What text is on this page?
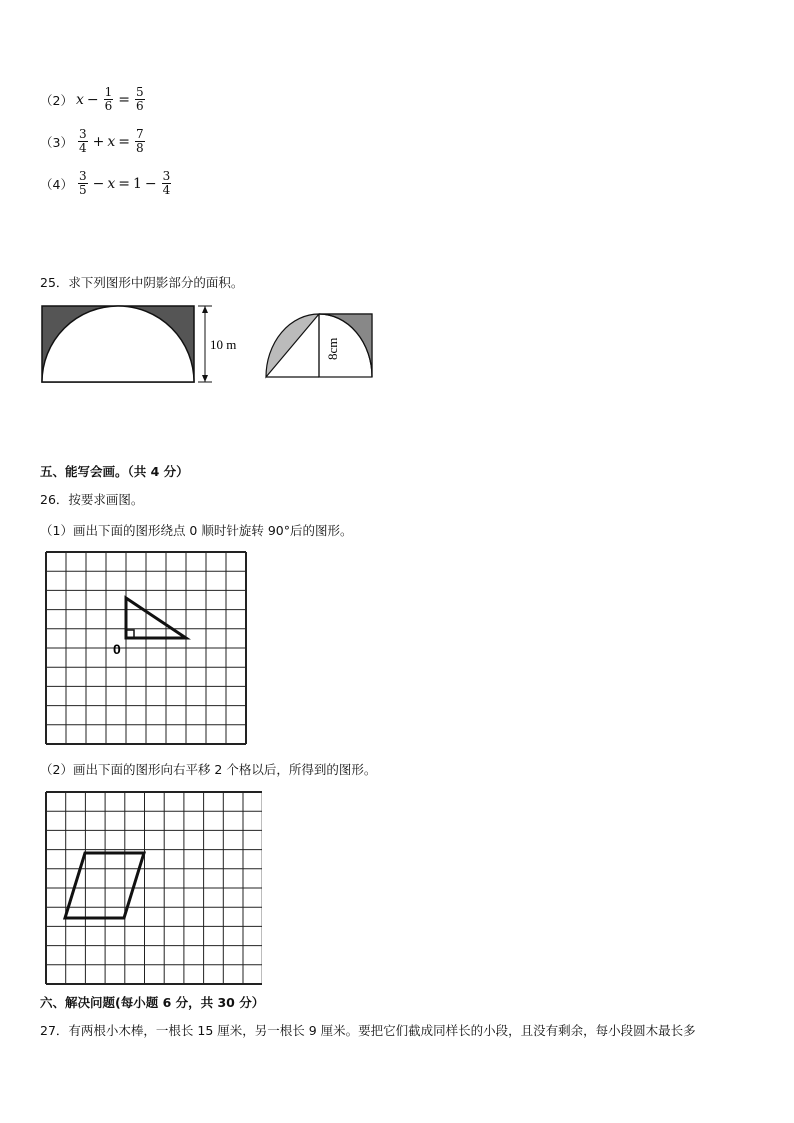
（2） $x - \frac{1}{6} = \frac{5}{6}$
$(3) \frac{3}{4} + x = \frac{7}{8}$
$(4) \frac{3}{5} - x = 1 - \frac{3}{4}$
25．求下列图形中阴影部分的面积。
10 m	8cm
五、能写会画。（共 4 分）
26．按要求画图。
（1）画出下面的图形绕点 0 顺时针旋转 90°后的图形。
0
（2）画出下面的图形向右平移 2 个格以后，所得到的图形。
六、解决问题(每小题 6 分，共 30 分）
27．有两根小木棒，一根长 15 厘米，另一根长 9 厘米。要把它们截成同样长的小段，且没有剩余，每小段圆木最长多
